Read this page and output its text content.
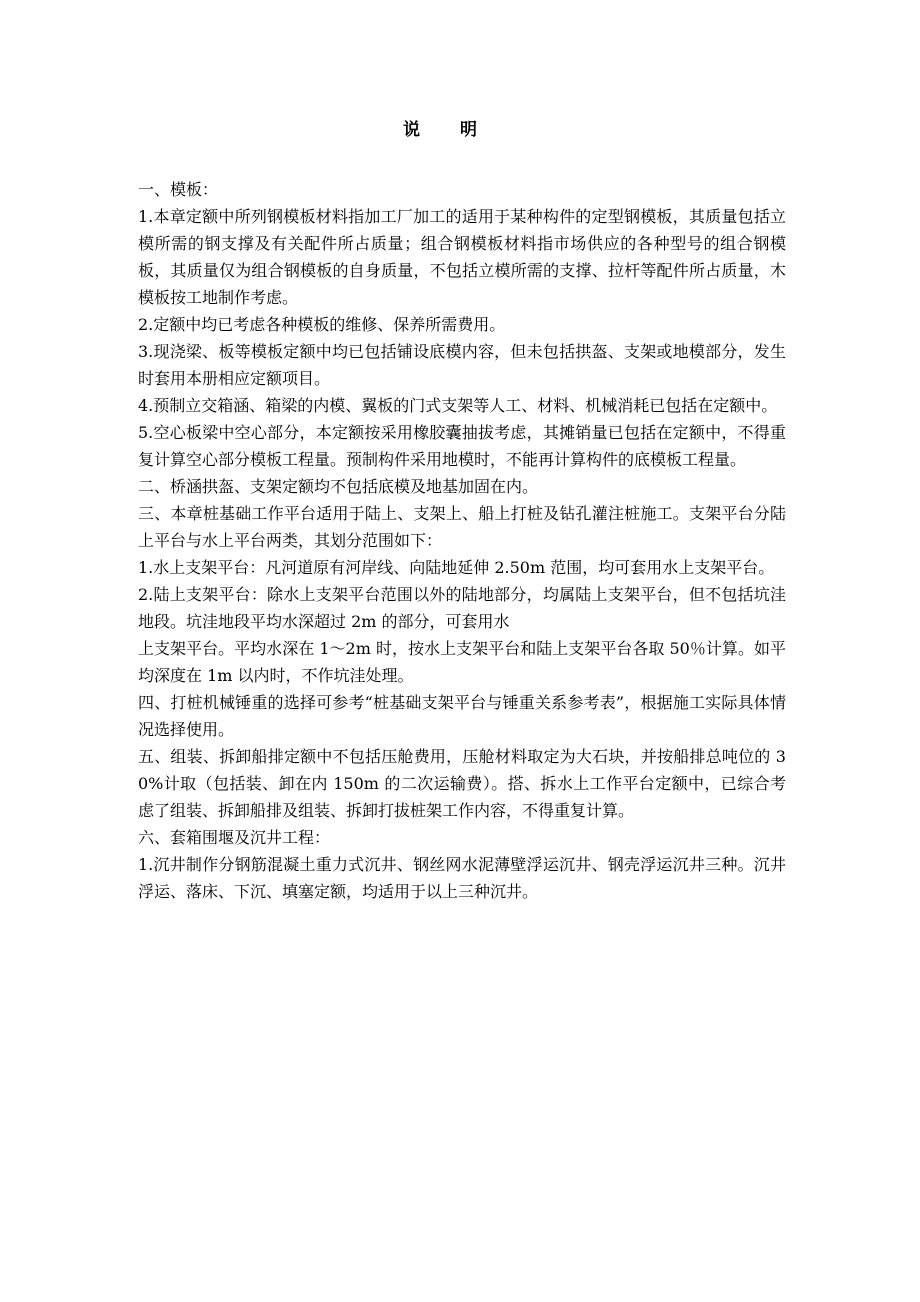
说明

一、模板：

1.本章定额中所列钢模板材料指加工厂加工的适用于某种构件的定型钢模板，其质量包括立模所需的钢支撑及有关配件所占质量；组合钢模板材料指市场供应的各种型号的组合钢模板，其质量仅为组合钢模板的自身质量，不包括立模所需的支撑、拉杆等配件所占质量，木模板按工地制作考虑。

2.定额中均已考虑各种模板的维修、保养所需费用。

3.现浇梁、板等模板定额中均已包括铺设底模内容，但未包括拱盔、支架或地模部分，发生时套用本册相应定额项目。

4.预制立交箱涵、箱梁的内模、翼板的门式支架等人工、材料、机械消耗已包括在定额中。

5.空心板梁中空心部分，本定额按采用橡胶囊抽拔考虑，其摊销量已包括在定额中，不得重复计算空心部分模板工程量。预制构件采用地模时，不能再计算构件的底模板工程量。

二、桥涵拱盔、支架定额均不包括底模及地基加固在内。

三、本章桩基础工作平台适用于陆上、支架上、船上打桩及钻孔灌注桩施工。支架平台分陆上平台与水上平台两类，其划分范围如下：

1.水上支架平台：凡河道原有河岸线、向陆地延伸 2.50m 范围，均可套用水上支架平台。

2.陆上支架平台：除水上支架平台范围以外的陆地部分，均属陆上支架平台，但不包括坑洼地段。坑洼地段平均水深超过 2m 的部分，可套用水

上支架平台。平均水深在 1～2m 时，按水上支架平台和陆上支架平台各取 50％计算。如平均深度在 1m 以内时，不作坑洼处理。

四、打桩机械锤重的选择可参考“桩基础支架平台与锤重关系参考表”，根据施工实际具体情况选择使用。

五、组装、拆卸船排定额中不包括压舱费用，压舱材料取定为大石块，并按船排总吨位的 30%计取（包括装、卸在内 150m 的二次运输费）。搭、拆水上工作平台定额中，已综合考虑了组装、拆卸船排及组装、拆卸打拔桩架工作内容，不得重复计算。

六、套箱围堰及沉井工程：

1.沉井制作分钢筋混凝土重力式沉井、钢丝网水泥薄壁浮运沉井、钢壳浮运沉井三种。沉井浮运、落床、下沉、填塞定额，均适用于以上三种沉井。
